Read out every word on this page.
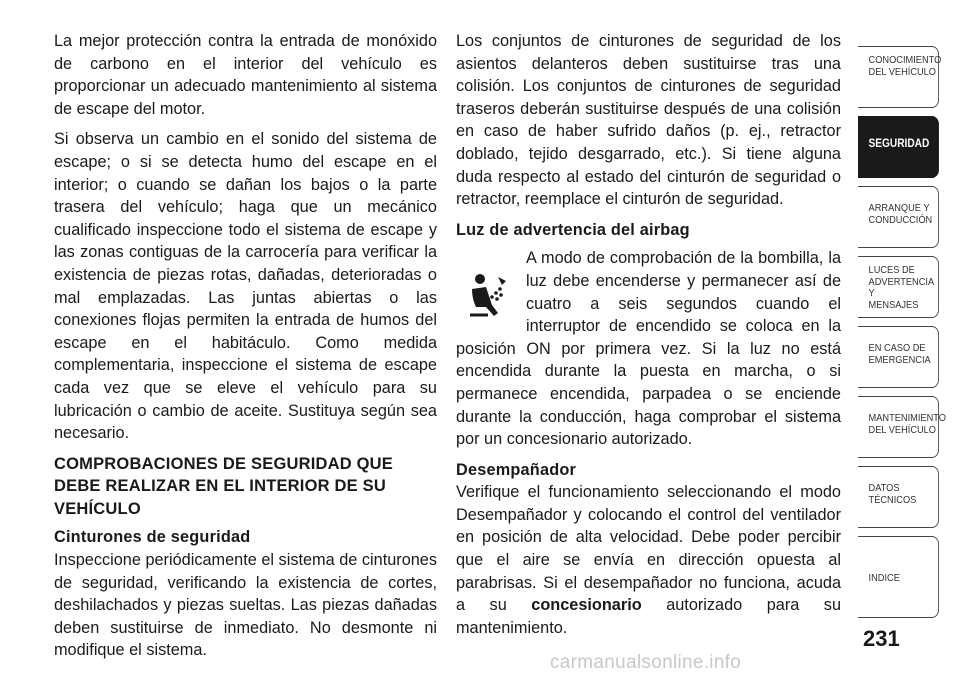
La mejor protección contra la entrada de monóxido de carbono en el interior del vehículo es proporcionar un adecuado mantenimiento al sistema de escape del motor.

Si observa un cambio en el sonido del sistema de escape; o si se detecta humo del escape en el interior; o cuando se dañan los bajos o la parte trasera del vehículo; haga que un mecánico cualificado inspeccione todo el sistema de escape y las zonas contiguas de la carrocería para verificar la existencia de piezas rotas, dañadas, deterioradas o mal emplazadas. Las juntas abiertas o las conexiones flojas permiten la entrada de humos del escape en el habitáculo. Como medida complementaria, inspeccione el sistema de escape cada vez que se eleve el vehículo para su lubricación o cambio de aceite. Sustituya según sea necesario.

COMPROBACIONES DE SEGURIDAD QUE DEBE REALIZAR EN EL INTERIOR DE SU VEHÍCULO
Cinturones de seguridad

Inspeccione periódicamente el sistema de cinturones de seguridad, verificando la existencia de cortes, deshilachados y piezas sueltas. Las piezas dañadas deben sustituirse de inmediato. No desmonte ni modifique el sistema.

Los conjuntos de cinturones de seguridad de los asientos delanteros deben sustituirse tras una colisión. Los conjuntos de cinturones de seguridad traseros deberán sustituirse después de una colisión en caso de haber sufrido daños (p. ej., retractor doblado, tejido desgarrado, etc.). Si tiene alguna duda respecto al estado del cinturón de seguridad o retractor, reemplace el cinturón de seguridad.

Luz de advertencia del airbag

A modo de comprobación de la bombilla, la luz debe encenderse y permanecer así de cuatro a seis segundos cuando el interruptor de encendido se coloca en la posición ON por primera vez. Si la luz no está encendida durante la puesta en marcha, o si permanece encendida, parpadea o se enciende durante la conducción, haga comprobar el sistema por un concesionario autorizado.

Desempañador

Verifique el funcionamiento seleccionando el modo Desempañador y colocando el control del ventilador en posición de alta velocidad. Debe poder percibir que el aire se envía en dirección opuesta al parabrisas. Si el desempañador no funciona, acuda a su concesionario autorizado para su mantenimiento.

CONOCIMIENTO
DEL VEHÍCULO
SEGURIDAD
ARRANQUE Y
CONDUCCIÓN
LUCES DE
ADVERTENCIA Y
MENSAJES
EN CASO DE
EMERGENCIA
MANTENIMIENTO
DEL VEHÍCULO
DATOS
TÉCNICOS
INDICE
231
carmanualsonline.info
